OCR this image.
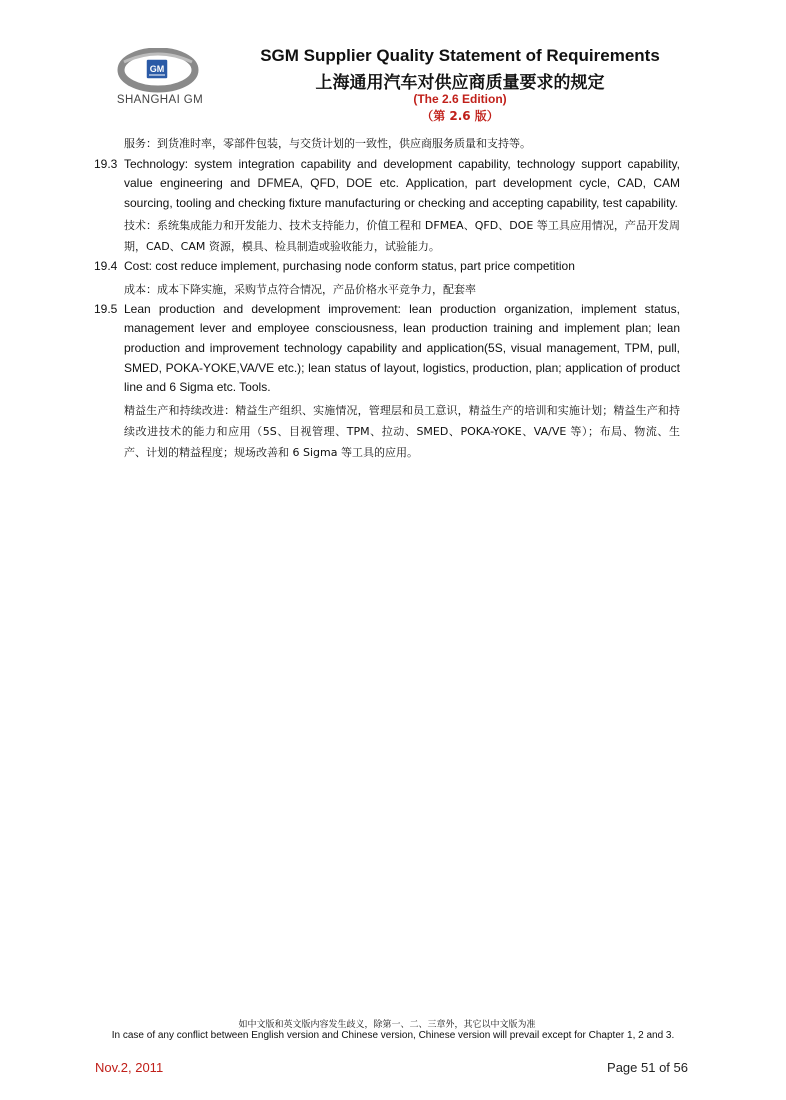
GM
SHANGHAI GM
SGM Supplier Quality Statement of Requirements
上海通用汽车对供应商质量要求的规定
(The 2.6 Edition)
（第 2.6 版）
服务：到货准时率，零部件包装，与交货计划的一致性，供应商服务质量和支持等。
19.3 Technology: system integration capability and development capability, technology support capability, value engineering and DFMEA, QFD, DOE etc. Application, part development cycle, CAD, CAM sourcing, tooling and checking fixture manufacturing or checking and accepting capability, test capability.
技术：系统集成能力和开发能力、技术支持能力，价值工程和 DFMEA、QFD、DOE 等工具应用情况，产品开发周期，CAD、CAM 资源，模具、检具制造或验收能力，试验能力。
19.4 Cost: cost reduce implement, purchasing node conform status, part price competition
成本：成本下降实施，采购节点符合情况，产品价格水平竞争力，配套率
19.5 Lean production and development improvement: lean production organization, implement status, management lever and employee consciousness, lean production training and implement plan; lean production and improvement technology capability and application(5S, visual management, TPM, pull, SMED, POKA-YOKE,VA/VE etc.); lean status of layout, logistics, production, plan; application of product line and 6 Sigma etc. Tools.
精益生产和持续改进：精益生产组织、实施情况，管理层和员工意识，精益生产的培训和实施计划；精益生产和持续改进技术的能力和应用（5S、目视管理、TPM、拉动、SMED、POKA-YOKE、VA/VE 等）；布局、物流、生产、计划的精益程度；规场改善和 6 Sigma 等工具的应用。
如中文版和英文版内容发生歧义，除第一、二、三章外，其它以中文版为准
In case of any conflict between English version and Chinese version, Chinese version will prevail except for Chapter 1, 2 and 3.
Nov.2, 2011	Page 51 of 56
